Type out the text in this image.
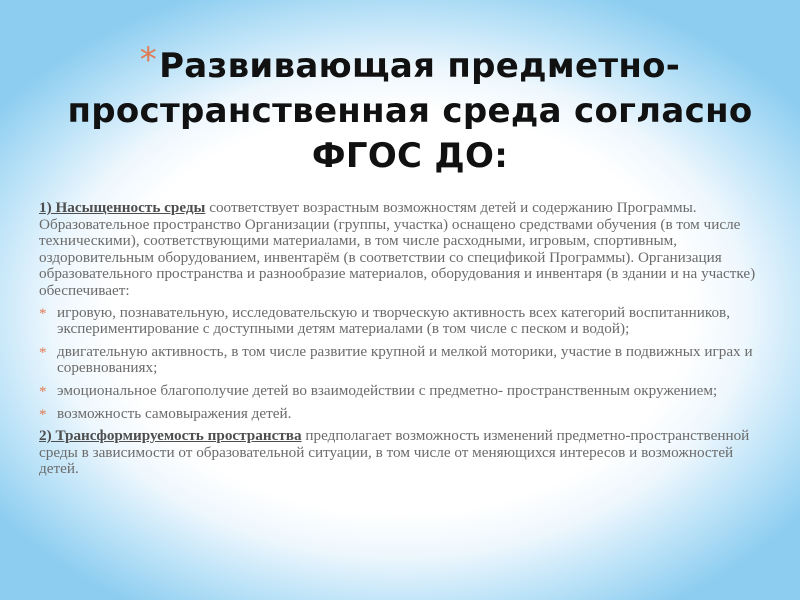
*Развивающая предметно-
пространственная среда согласно
ФГОС ДО:

1) Насыщенность среды соответствует возрастным возможностям детей и содержанию Программы. Образовательное пространство Организации (группы, участка) оснащено средствами обучения (в том числе техническими), соответствующими материалами, в том числе расходными, игровым, спортивным, оздоровительным оборудованием, инвентарём (в соответствии со спецификой Программы). Организация образовательного пространства и разнообразие материалов, оборудования и инвентаря (в здании и на участке) обеспечивает:

* игровую, познавательную, исследовательскую и творческую активность всех категорий воспитанников, экспериментирование с доступными детям материалами (в том числе с песком и водой);
* двигательную активность, в том числе развитие крупной и мелкой моторики, участие в подвижных играх и соревнованиях;
* эмоциональное благополучие детей во взаимодействии с предметно- пространственным окружением;
* возможность самовыражения детей.

2) Трансформируемость пространства предполагает возможность изменений предметно-пространственной среды в зависимости от образовательной ситуации, в том числе от меняющихся интересов и возможностей детей.
